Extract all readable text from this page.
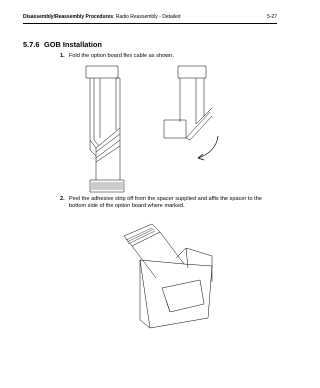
Disassembly/Reassembly Procedures: Radio Reassembly - Detailed	5-27
5.7.6 GOB Installation
1. Fold the option board flex cable as shown.
2. Peel the adhesive strip off from the spacer supplied and affix the spacer to the bottom side of the option board where marked.
